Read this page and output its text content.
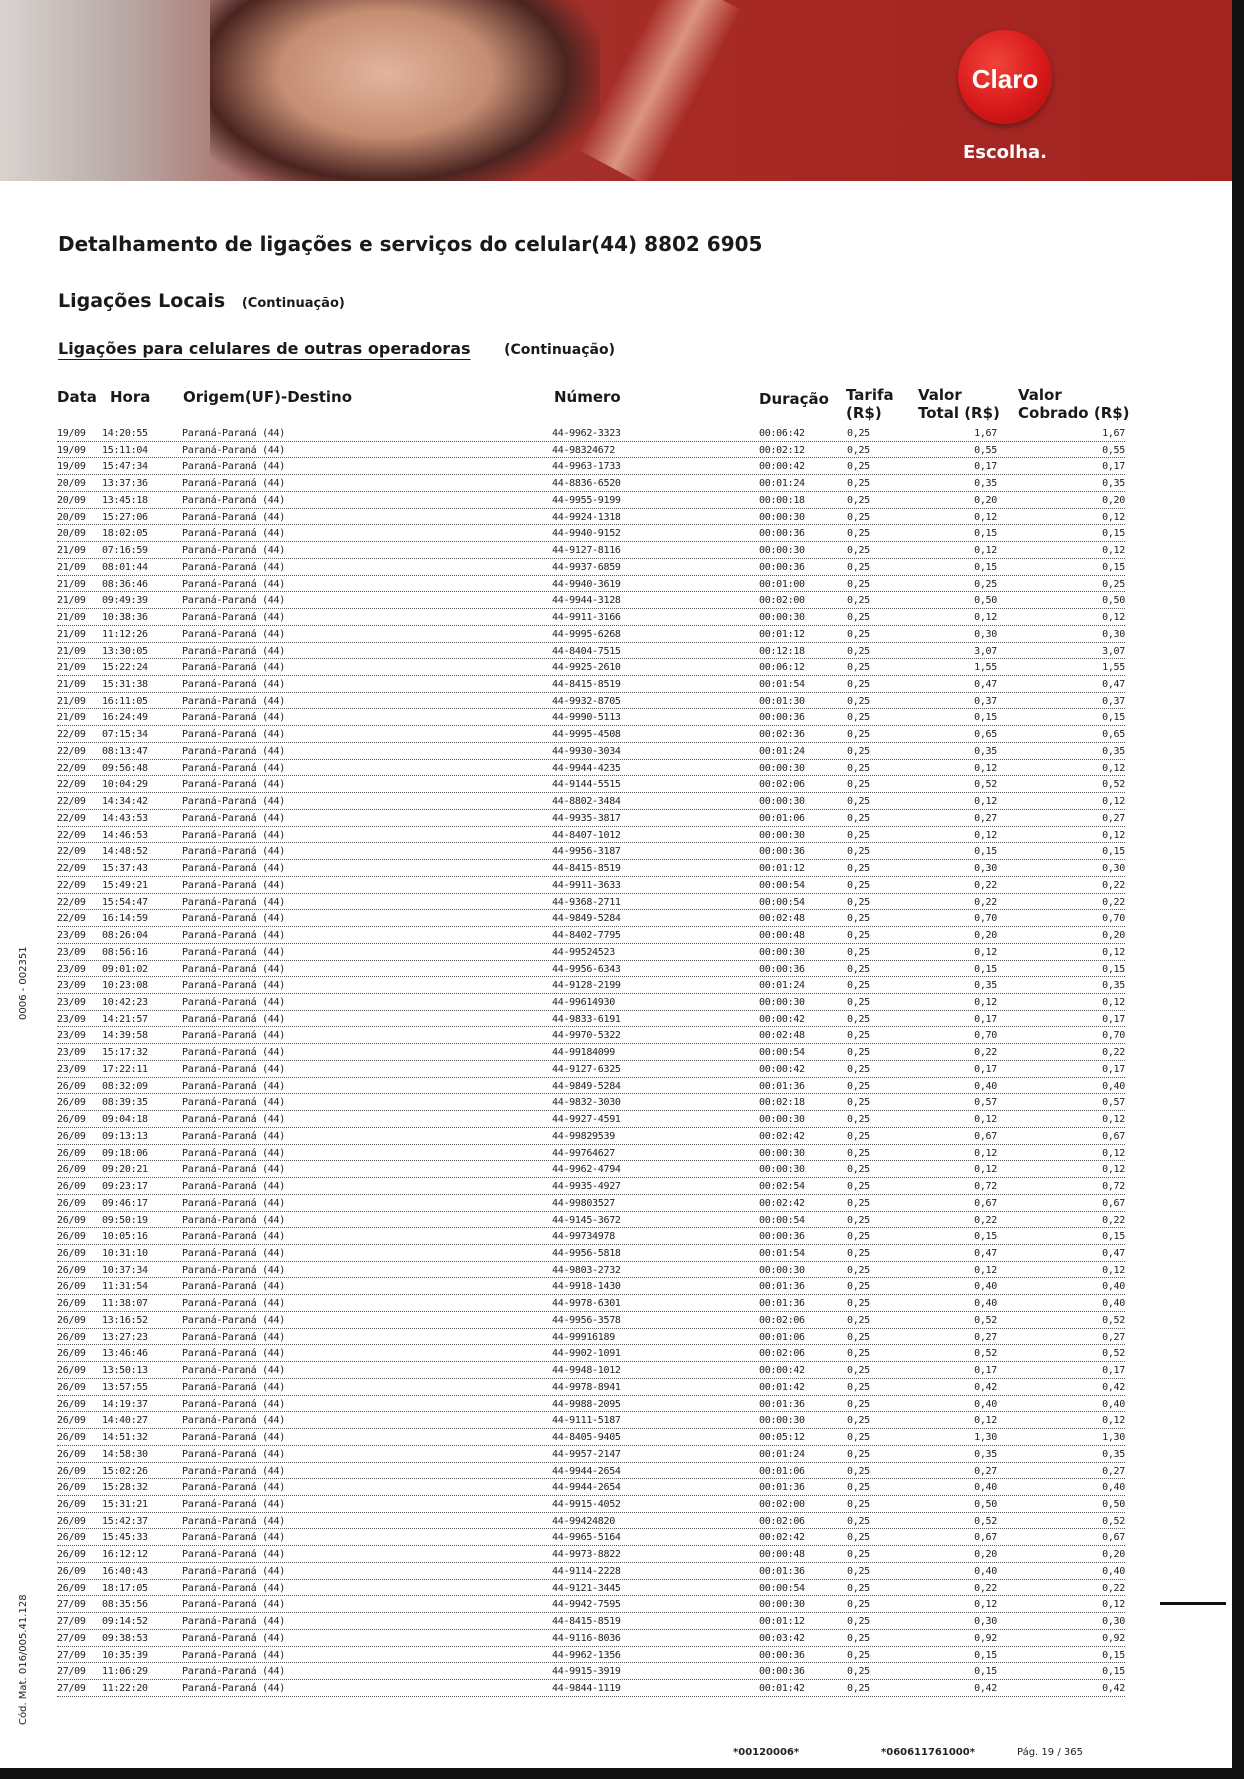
Claro
Escolha.
Detalhamento de ligações e serviços do celular(44) 8802 6905
Ligações Locais (Continuação)
Ligações para celulares de outras operadoras (Continuação)
Data Hora Origem(UF)-Destino	Número	Duração Tarifa
(R$)
Valor
Total (R$)
Valor
Cobrado (R$)
19/09 14:20:55	Paraná-Paraná (44)	44-9962-3323	00:06:42	0,25	1,67	1,67
19/09 15:11:04	Paraná-Paraná (44)	44-98324672	00:02:12	0,25	0,55	0,55
19/09 15:47:34	Paraná-Paraná (44)	44-9963-1733	00:00:42	0,25	0,17	0,17
20/09 13:37:36	Paraná-Paraná (44)	44-8836-6520	00:01:24	0,25	0,35	0,35
20/09 13:45:18	Paraná-Paraná (44)	44-9955-9199	00:00:18	0,25	0,20	0,20
20/09 15:27:06	Paraná-Paraná (44)	44-9924-1318	00:00:30	0,25	0,12	0,12
20/09 18:02:05	Paraná-Paraná (44)	44-9940-9152	00:00:36	0,25	0,15	0,15
21/09 07:16:59	Paraná-Paraná (44)	44-9127-8116	00:00:30	0,25	0,12	0,12
21/09 08:01:44	Paraná-Paraná (44)	44-9937-6859	00:00:36	0,25	0,15	0,15
21/09 08:36:46	Paraná-Paraná (44)	44-9940-3619	00:01:00	0,25	0,25	0,25
21/09 09:49:39	Paraná-Paraná (44)	44-9944-3128	00:02:00	0,25	0,50	0,50
21/09 10:38:36	Paraná-Paraná (44)	44-9911-3166	00:00:30	0,25	0,12	0,12
21/09 11:12:26	Paraná-Paraná (44)	44-9995-6268	00:01:12	0,25	0,30	0,30
21/09 13:30:05	Paraná-Paraná (44)	44-8404-7515	00:12:18	0,25	3,07	3,07
21/09 15:22:24	Paraná-Paraná (44)	44-9925-2610	00:06:12	0,25	1,55	1,55
21/09 15:31:38	Paraná-Paraná (44)	44-8415-8519	00:01:54	0,25	0,47	0,47
21/09 16:11:05	Paraná-Paraná (44)	44-9932-8705	00:01:30	0,25	0,37	0,37
21/09 16:24:49	Paraná-Paraná (44)	44-9990-5113	00:00:36	0,25	0,15	0,15
22/09 07:15:34	Paraná-Paraná (44)	44-9995-4508	00:02:36	0,25	0,65	0,65
22/09 08:13:47	Paraná-Paraná (44)	44-9930-3034	00:01:24	0,25	0,35	0,35
22/09 09:56:48	Paraná-Paraná (44)	44-9944-4235	00:00:30	0,25	0,12	0,12
22/09 10:04:29	Paraná-Paraná (44)	44-9144-5515	00:02:06	0,25	0,52	0,52
22/09 14:34:42	Paraná-Paraná (44)	44-8802-3484	00:00:30	0,25	0,12	0,12
22/09 14:43:53	Paraná-Paraná (44)	44-9935-3817	00:01:06	0,25	0,27	0,27
22/09 14:46:53	Paraná-Paraná (44)	44-8407-1012	00:00:30	0,25	0,12	0,12
22/09 14:48:52	Paraná-Paraná (44)	44-9956-3187	00:00:36	0,25	0,15	0,15
22/09 15:37:43	Paraná-Paraná (44)	44-8415-8519	00:01:12	0,25	0,30	0,30
22/09 15:49:21	Paraná-Paraná (44)	44-9911-3633	00:00:54	0,25	0,22	0,22
22/09 15:54:47	Paraná-Paraná (44)	44-9368-2711	00:00:54	0,25	0,22	0,22
22/09 16:14:59	Paraná-Paraná (44)	44-9849-5284	00:02:48	0,25	0,70	0,70
23/09 08:26:04	Paraná-Paraná (44)	44-8402-7795	00:00:48	0,25	0,20	0,20
23/09 08:56:16	Paraná-Paraná (44)	44-99524523	00:00:30	0,25	0,12	0,12
23/09 09:01:02	Paraná-Paraná (44)	44-9956-6343	00:00:36	0,25	0,15	0,15
23/09 10:23:08	Paraná-Paraná (44)	44-9128-2199	00:01:24	0,25	0,35	0,35
23/09 10:42:23	Paraná-Paraná (44)	44-99614930	00:00:30	0,25	0,12	0,12
23/09 14:21:57	Paraná-Paraná (44)	44-9833-6191	00:00:42	0,25	0,17	0,17
23/09 14:39:58	Paraná-Paraná (44)	44-9970-5322	00:02:48	0,25	0,70	0,70
23/09 15:17:32	Paraná-Paraná (44)	44-99184099	00:00:54	0,25	0,22	0,22
23/09 17:22:11	Paraná-Paraná (44)	44-9127-6325	00:00:42	0,25	0,17	0,17
26/09 08:32:09	Paraná-Paraná (44)	44-9849-5284	00:01:36	0,25	0,40	0,40
26/09 08:39:35	Paraná-Paraná (44)	44-9832-3030	00:02:18	0,25	0,57	0,57
26/09 09:04:18	Paraná-Paraná (44)	44-9927-4591	00:00:30	0,25	0,12	0,12
26/09 09:13:13	Paraná-Paraná (44)	44-99829539	00:02:42	0,25	0,67	0,67
26/09 09:18:06	Paraná-Paraná (44)	44-99764627	00:00:30	0,25	0,12	0,12
26/09 09:20:21	Paraná-Paraná (44)	44-9962-4794	00:00:30	0,25	0,12	0,12
26/09 09:23:17	Paraná-Paraná (44)	44-9935-4927	00:02:54	0,25	0,72	0,72
26/09 09:46:17	Paraná-Paraná (44)	44-99803527	00:02:42	0,25	0,67	0,67
26/09 09:50:19	Paraná-Paraná (44)	44-9145-3672	00:00:54	0,25	0,22	0,22
26/09 10:05:16	Paraná-Paraná (44)	44-99734978	00:00:36	0,25	0,15	0,15
26/09 10:31:10	Paraná-Paraná (44)	44-9956-5818	00:01:54	0,25	0,47	0,47
26/09 10:37:34	Paraná-Paraná (44)	44-9803-2732	00:00:30	0,25	0,12	0,12
26/09 11:31:54	Paraná-Paraná (44)	44-9918-1430	00:01:36	0,25	0,40	0,40
26/09 11:38:07	Paraná-Paraná (44)	44-9978-6301	00:01:36	0,25	0,40	0,40
26/09 13:16:52	Paraná-Paraná (44)	44-9956-3578	00:02:06	0,25	0,52	0,52
26/09 13:27:23	Paraná-Paraná (44)	44-99916189	00:01:06	0,25	0,27	0,27
26/09 13:46:46	Paraná-Paraná (44)	44-9902-1091	00:02:06	0,25	0,52	0,52
26/09 13:50:13	Paraná-Paraná (44)	44-9948-1012	00:00:42	0,25	0,17	0,17
26/09 13:57:55	Paraná-Paraná (44)	44-9978-8941	00:01:42	0,25	0,42	0,42
26/09 14:19:37	Paraná-Paraná (44)	44-9988-2095	00:01:36	0,25	0,40	0,40
26/09 14:40:27	Paraná-Paraná (44)	44-9111-5187	00:00:30	0,25	0,12	0,12
26/09 14:51:32	Paraná-Paraná (44)	44-8405-9405	00:05:12	0,25	1,30	1,30
26/09 14:58:30	Paraná-Paraná (44)	44-9957-2147	00:01:24	0,25	0,35	0,35
26/09 15:02:26	Paraná-Paraná (44)	44-9944-2654	00:01:06	0,25	0,27	0,27
26/09 15:28:32	Paraná-Paraná (44)	44-9944-2654	00:01:36	0,25	0,40	0,40
26/09 15:31:21	Paraná-Paraná (44)	44-9915-4052	00:02:00	0,25	0,50	0,50
26/09 15:42:37	Paraná-Paraná (44)	44-99424820	00:02:06	0,25	0,52	0,52
26/09 15:45:33	Paraná-Paraná (44)	44-9965-5164	00:02:42	0,25	0,67	0,67
26/09 16:12:12	Paraná-Paraná (44)	44-9973-8822	00:00:48	0,25	0,20	0,20
26/09 16:40:43	Paraná-Paraná (44)	44-9114-2228	00:01:36	0,25	0,40	0,40
26/09 18:17:05	Paraná-Paraná (44)	44-9121-3445	00:00:54	0,25	0,22	0,22
27/09 08:35:56	Paraná-Paraná (44)	44-9942-7595	00:00:30	0,25	0,12	0,12
27/09 09:14:52	Paraná-Paraná (44)	44-8415-8519	00:01:12	0,25	0,30	0,30
27/09 09:38:53	Paraná-Paraná (44)	44-9116-8036	00:03:42	0,25	0,92	0,92
27/09 10:35:39	Paraná-Paraná (44)	44-9962-1356	00:00:36	0,25	0,15	0,15
27/09 11:06:29	Paraná-Paraná (44)	44-9915-3919	00:00:36	0,25	0,15	0,15
27/09 11:22:20	Paraná-Paraná (44)	44-9844-1119	00:01:42	0,25	0,42	0,42
0006 - 002351
Cód. Mat. 016/005.41.128
*00120006*	*060611761000*	Pág. 19 / 365
